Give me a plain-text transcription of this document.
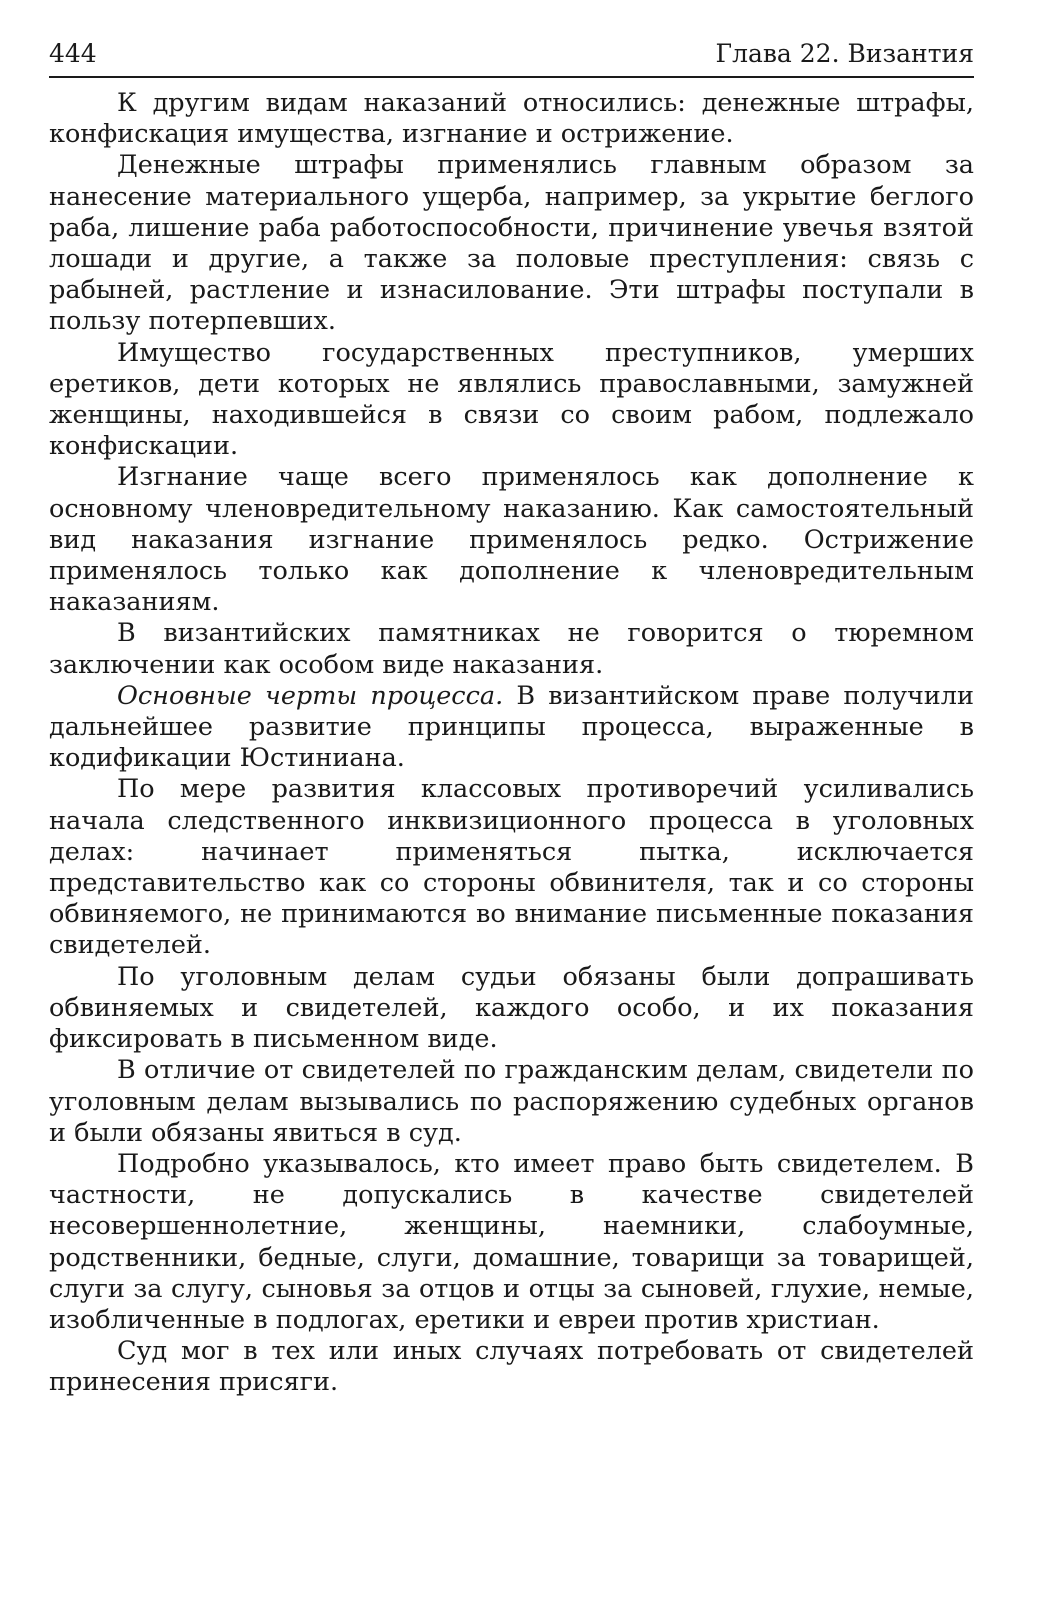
444	Глава 22. Византия

К другим видам наказаний относились: денежные штрафы, конфискация имущества, изгнание и острижение.

Денежные штрафы применялись главным образом за нанесение материального ущерба, например, за укрытие беглого раба, лишение раба работоспособности, причинение увечья взятой лошади и другие, а также за половые преступления: связь с рабыней, растление и изнасилование. Эти штрафы поступали в пользу потерпевших.

Имущество государственных преступников, умерших еретиков, дети которых не являлись православными, замужней женщины, находившейся в связи со своим рабом, подлежало конфискации.

Изгнание чаще всего применялось как дополнение к основному членовредительному наказанию. Как самостоятельный вид наказания изгнание применялось редко. Острижение применялось только как дополнение к членовредительным наказаниям.

В византийских памятниках не говорится о тюремном заключении как особом виде наказания.

Основные черты процесса. В византийском праве получили дальнейшее развитие принципы процесса, выраженные в кодификации Юстиниана.

По мере развития классовых противоречий усиливались начала следственного инквизиционного процесса в уголовных делах: начинает применяться пытка, исключается представительство как со стороны обвинителя, так и со стороны обвиняемого, не принимаются во внимание письменные показания свидетелей.

По уголовным делам судьи обязаны были допрашивать обвиняемых и свидетелей, каждого особо, и их показания фиксировать в письменном виде.

В отличие от свидетелей по гражданским делам, свидетели по уголовным делам вызывались по распоряжению судебных органов и были обязаны явиться в суд.

Подробно указывалось, кто имеет право быть свидетелем. В частности, не допускались в качестве свидетелей несовершеннолетние, женщины, наемники, слабоумные, родственники, бедные, слуги, домашние, товарищи за товарищей, слуги за слугу, сыновья за отцов и отцы за сыновей, глухие, немые, изобличенные в подлогах, еретики и евреи против христиан.

Суд мог в тех или иных случаях потребовать от свидетелей принесения присяги.
